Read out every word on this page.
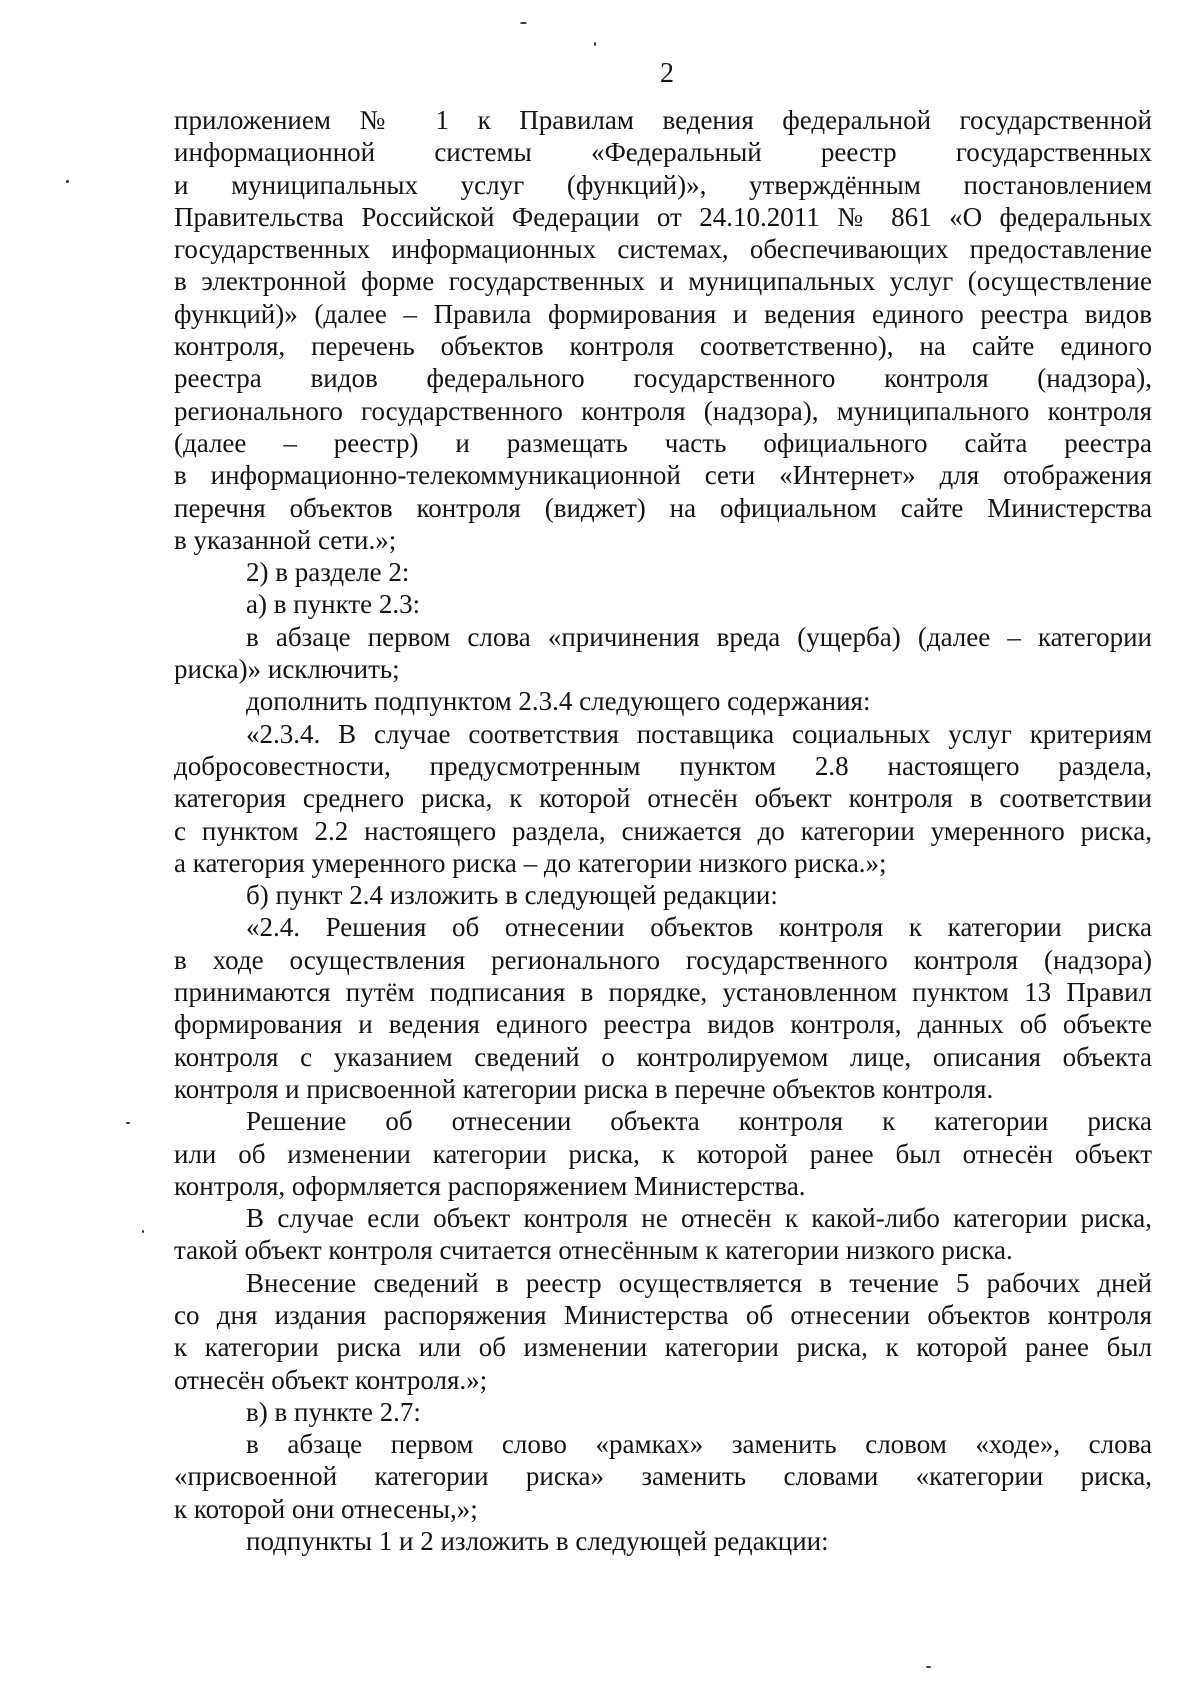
2
приложением № 1 к Правилам ведения федеральной государственной
информационной системы «Федеральный реестр государственных
и муниципальных услуг (функций)», утверждённым постановлением
Правительства Российской Федерации от 24.10.2011 № 861 «О федеральных
государственных информационных системах, обеспечивающих предоставление
в электронной форме государственных и муниципальных услуг (осуществление
функций)» (далее – Правила формирования и ведения единого реестра видов
контроля, перечень объектов контроля соответственно), на сайте единого
реестра видов федерального государственного контроля (надзора),
регионального государственного контроля (надзора), муниципального контроля
(далее – реестр) и размещать часть официального сайта реестра
в информационно-телекоммуникационной сети «Интернет» для отображения
перечня объектов контроля (виджет) на официальном сайте Министерства
в указанной сети.»;
2) в разделе 2:
а) в пункте 2.3:
в абзаце первом слова «причинения вреда (ущерба) (далее – категории
риска)» исключить;
дополнить подпунктом 2.3.4 следующего содержания:
«2.3.4. В случае соответствия поставщика социальных услуг критериям
добросовестности, предусмотренным пунктом 2.8 настоящего раздела,
категория среднего риска, к которой отнесён объект контроля в соответствии
с пунктом 2.2 настоящего раздела, снижается до категории умеренного риска,
а категория умеренного риска – до категории низкого риска.»;
б) пункт 2.4 изложить в следующей редакции:
«2.4. Решения об отнесении объектов контроля к категории риска
в ходе осуществления регионального государственного контроля (надзора)
принимаются путём подписания в порядке, установленном пунктом 13 Правил
формирования и ведения единого реестра видов контроля, данных об объекте
контроля с указанием сведений о контролируемом лице, описания объекта
контроля и присвоенной категории риска в перечне объектов контроля.
Решение об отнесении объекта контроля к категории риска
или об изменении категории риска, к которой ранее был отнесён объект
контроля, оформляется распоряжением Министерства.
В случае если объект контроля не отнесён к какой-либо категории риска,
такой объект контроля считается отнесённым к категории низкого риска.
Внесение сведений в реестр осуществляется в течение 5 рабочих дней
со дня издания распоряжения Министерства об отнесении объектов контроля
к категории риска или об изменении категории риска, к которой ранее был
отнесён объект контроля.»;
в) в пункте 2.7:
в абзаце первом слово «рамках» заменить словом «ходе», слова
«присвоенной категории риска» заменить словами «категории риска,
к которой они отнесены,»;
подпункты 1 и 2 изложить в следующей редакции:
